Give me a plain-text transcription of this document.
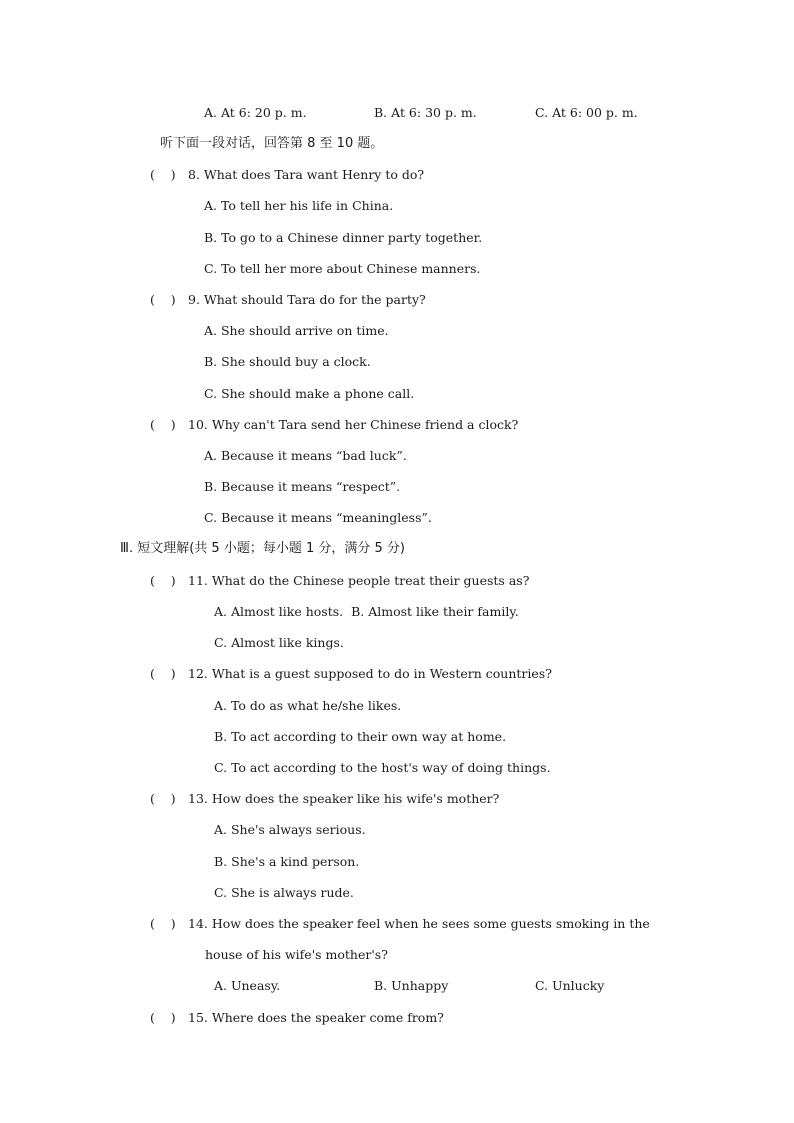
A. At 6: 20 p. m.	B. At 6: 30 p. m.	C. At 6: 00 p. m.
听下面一段对话，回答第 8 至 10 题。
(    ) 8. What does Tara want Henry to do?
A. To tell her his life in China.
B. To go to a Chinese dinner party together.
C. To tell her more about Chinese manners.
(    ) 9. What should Tara do for the party?
A. She should arrive on time.
B. She should buy a clock.
C. She should make a phone call.
(    ) 10. Why can't Tara send her Chinese friend a clock?
A. Because it means “bad luck”.
B. Because it means “respect”.
C. Because it means “meaningless”.
Ⅲ. 短文理解(共 5 小题；每小题 1 分，满分 5 分)
(    ) 11. What do the Chinese people treat their guests as?
A. Almost like hosts.  B. Almost like their family.
C. Almost like kings.
(    ) 12. What is a guest supposed to do in Western countries?
A. To do as what he/she likes.
B. To act according to their own way at home.
C. To act according to the host's way of doing things.
(    ) 13. How does the speaker like his wife's mother?
A. She's always serious.
B. She's a kind person.
C. She is always rude.
(    ) 14. How does the speaker feel when he sees some guests smoking in the
house of his wife's mother's?
A. Uneasy.	B. Unhappy	C. Unlucky
(    ) 15. Where does the speaker come from?
